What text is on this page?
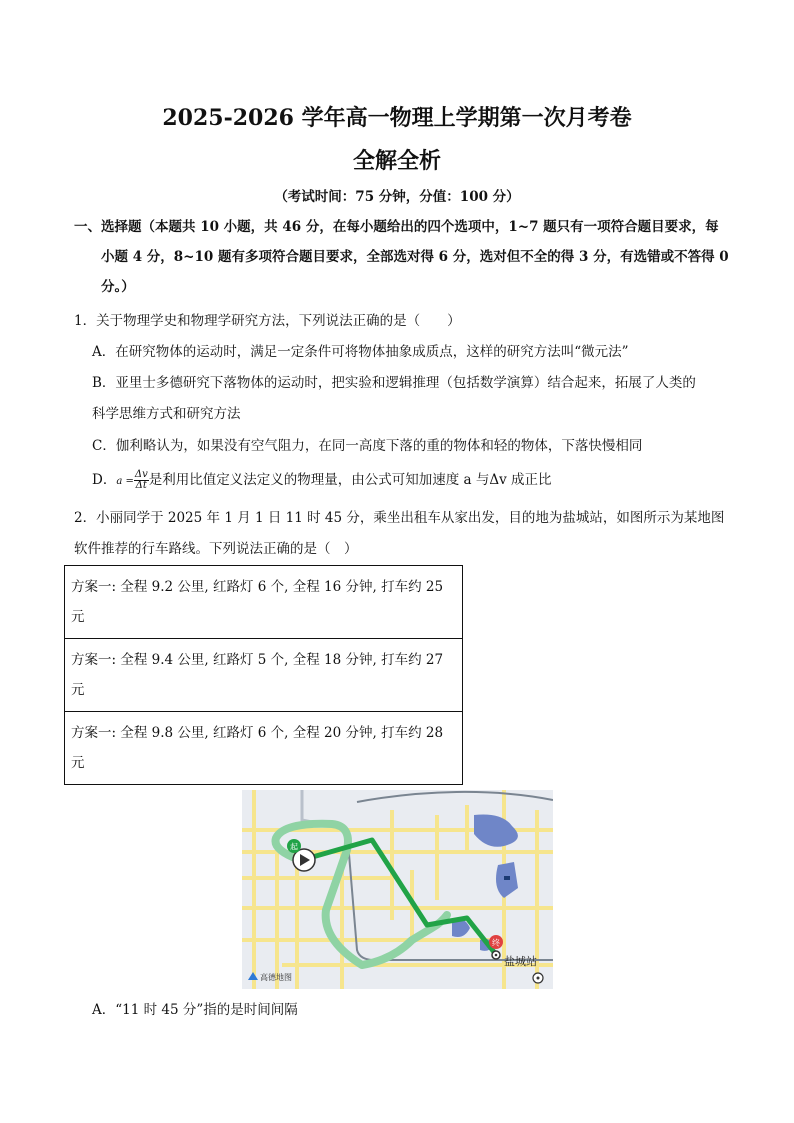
2025-2026 学年高一物理上学期第一次月考卷
全解全析
（考试时间：75 分钟，分值：100 分）
一、选择题（本题共 10 小题，共 46 分，在每小题给出的四个选项中，1~7 题只有一项符合题目要求，每
小题 4 分，8~10 题有多项符合题目要求，全部选对得 6 分，选对但不全的得 3 分，有选错或不答得 0
分。）
1．关于物理学史和物理学研究方法，下列说法正确的是（　　）
A．在研究物体的运动时，满足一定条件可将物体抽象成质点，这样的研究方法叫“微元法”
B．亚里士多德研究下落物体的运动时，把实验和逻辑推理（包括数学演算）结合起来，拓展了人类的
科学思维方式和研究方法
C．伽利略认为，如果没有空气阻力，在同一高度下落的重的物体和轻的物体，下落快慢相同
D．$a = \frac{\Delta v}{\Delta t}$ 是利用比值定义法定义的物理量，由公式可知加速度 a 与Δv 成正比
2．小丽同学于 2025 年 1 月 1 日 11 时 45 分，乘坐出租车从家出发，目的地为盐城站，如图所示为某地图
软件推荐的行车路线。下列说法正确的是（　）
方案一: 全程 9.2 公里, 红路灯 6 个, 全程 16 分钟, 打车约 25
元

方案一: 全程 9.4 公里, 红路灯 5 个, 全程 18 分钟, 打车约 27
元

方案一: 全程 9.8 公里, 红路灯 6 个, 全程 20 分钟, 打车约 28
元
起
终
盐城站
高德地图
A．“11 时 45 分”指的是时间间隔
